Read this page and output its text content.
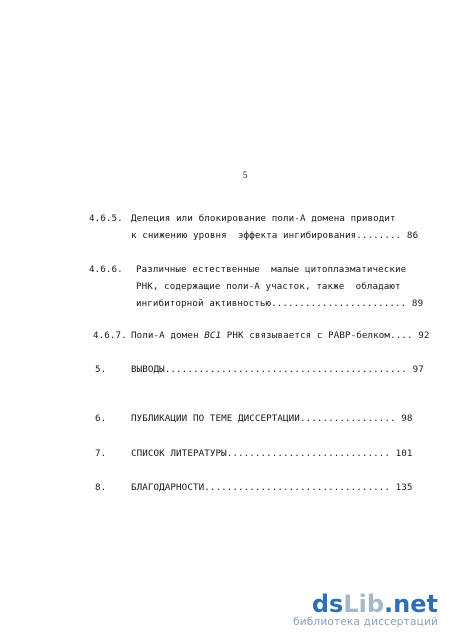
5
4.6.5. Делеция или блокирование поли-А домена приводит
к снижению уровня  эффекта ингибирования........ 86
4.6.6. Различные естественные  малые цитоплазматические
РНК, содержащие поли-А участок, также  обладают
ингибиторной активностью........................ 89
4.6.7. Поли-А домен BC1 РНК связывается с PABP-белком.... 92
5.	ВЫВОДЫ........................................... 97
6.	ПУБЛИКАЦИИ ПО ТЕМЕ ДИССЕРТАЦИИ................. 98
7.	СПИСОК ЛИТЕРАТУРЫ............................. 101
8.	БЛАГОДАРНОСТИ................................. 135
dsLib.net
библиотека диссертаций
